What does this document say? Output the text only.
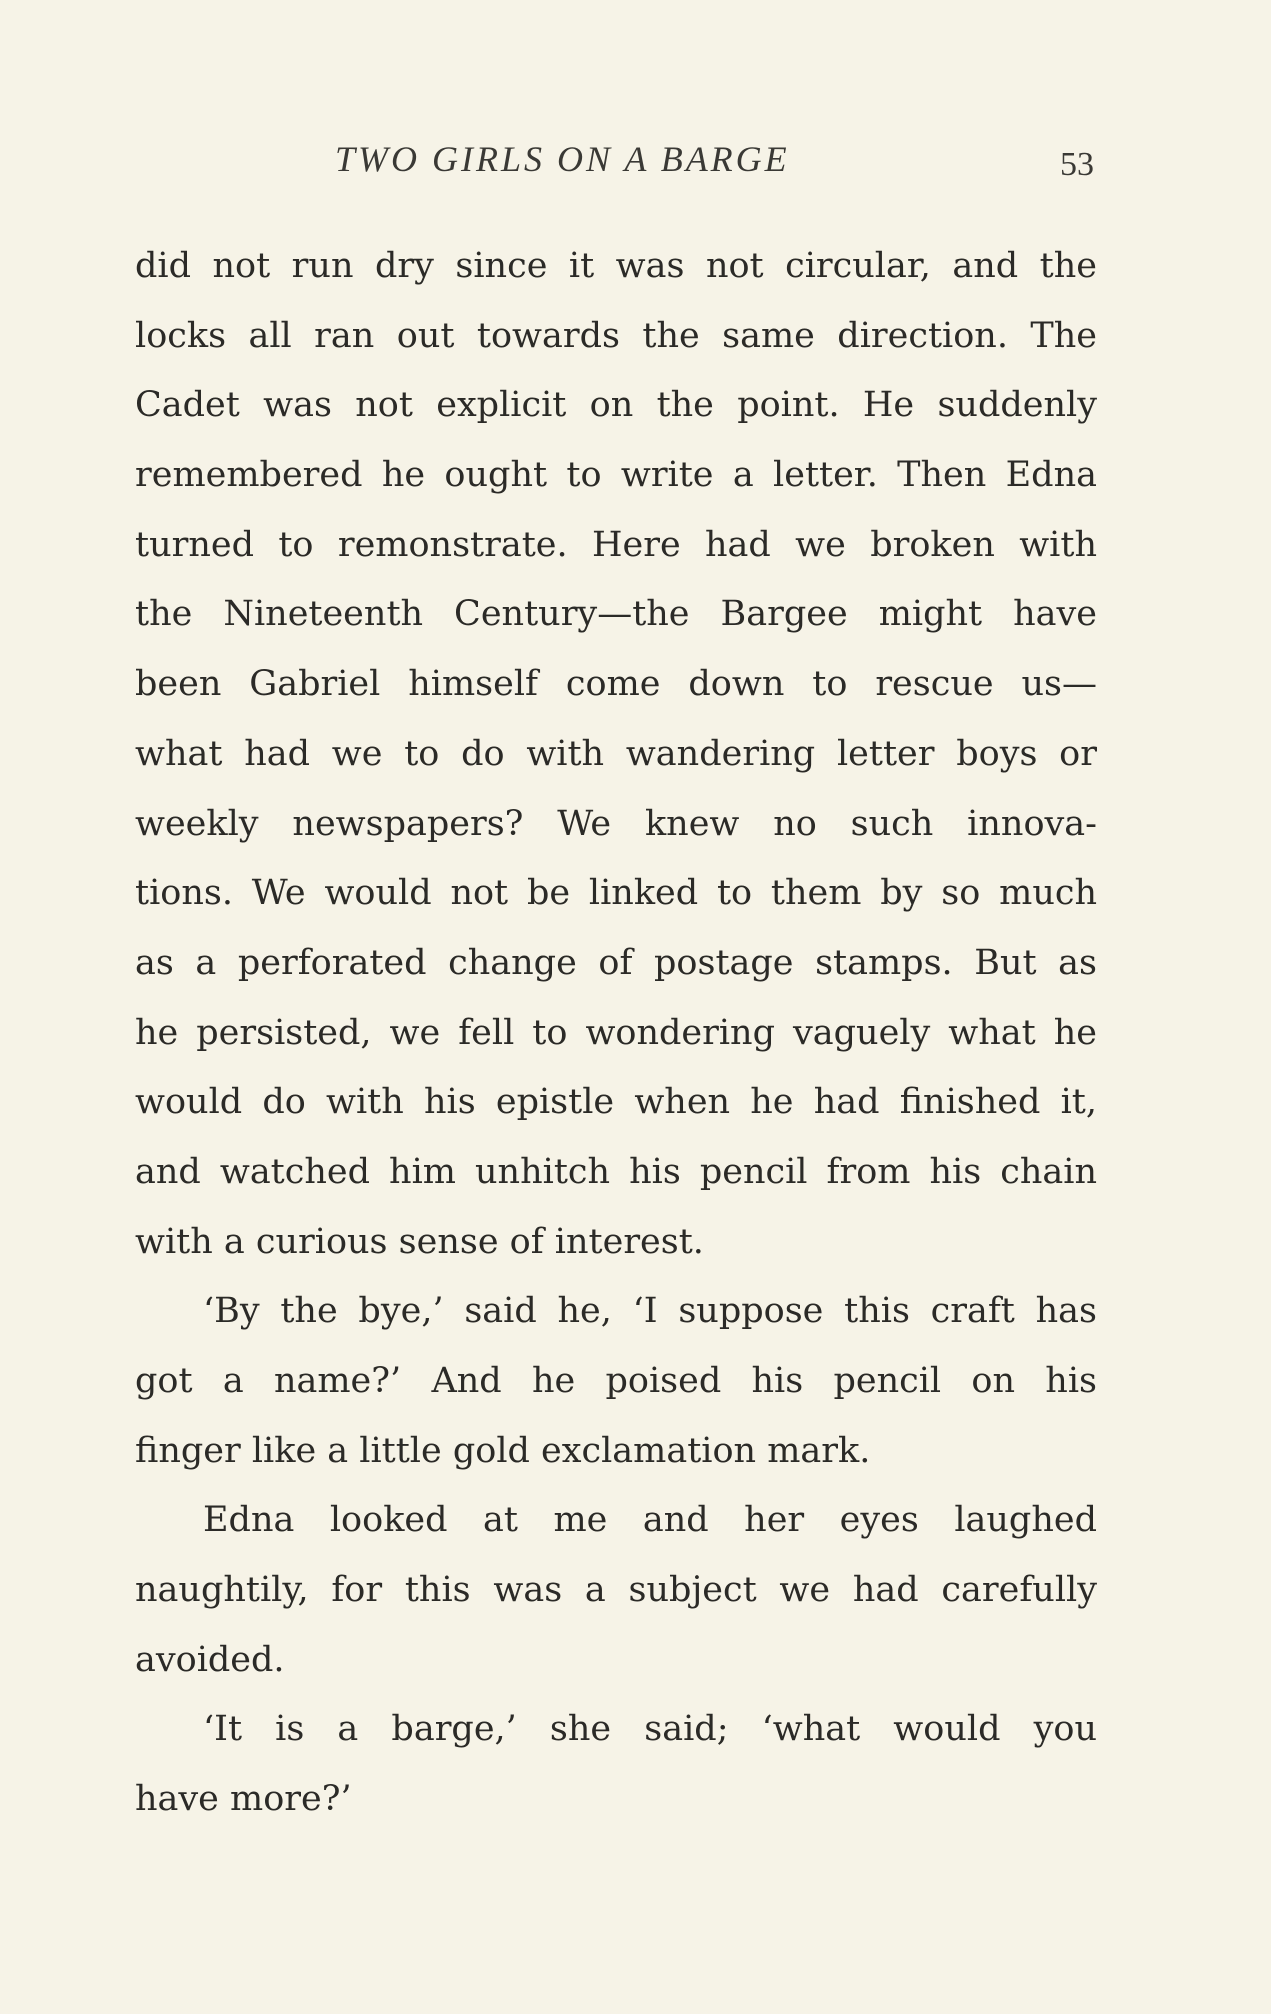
TWO GIRLS ON A BARGE	53
did not run dry since it was not circular, and the
locks all ran out towards the same direction. The
Cadet was not explicit on the point. He suddenly
remembered he ought to write a letter. Then Edna
turned to remonstrate. Here had we broken with
the Nineteenth Century—the Bargee might have
been Gabriel himself come down to rescue us—
what had we to do with wandering letter boys or
weekly newspapers? We knew no such innova-
tions. We would not be linked to them by so much
as a perforated change of postage stamps. But as
he persisted, we fell to wondering vaguely what he
would do with his epistle when he had finished it,
and watched him unhitch his pencil from his chain
with a curious sense of interest.
‘By the bye,’ said he, ‘I suppose this craft has
got a name?’ And he poised his pencil on his
finger like a little gold exclamation mark.
Edna looked at me and her eyes laughed
naughtily, for this was a subject we had carefully
avoided.
‘It is a barge,’ she said; ‘what would you
have more?’
